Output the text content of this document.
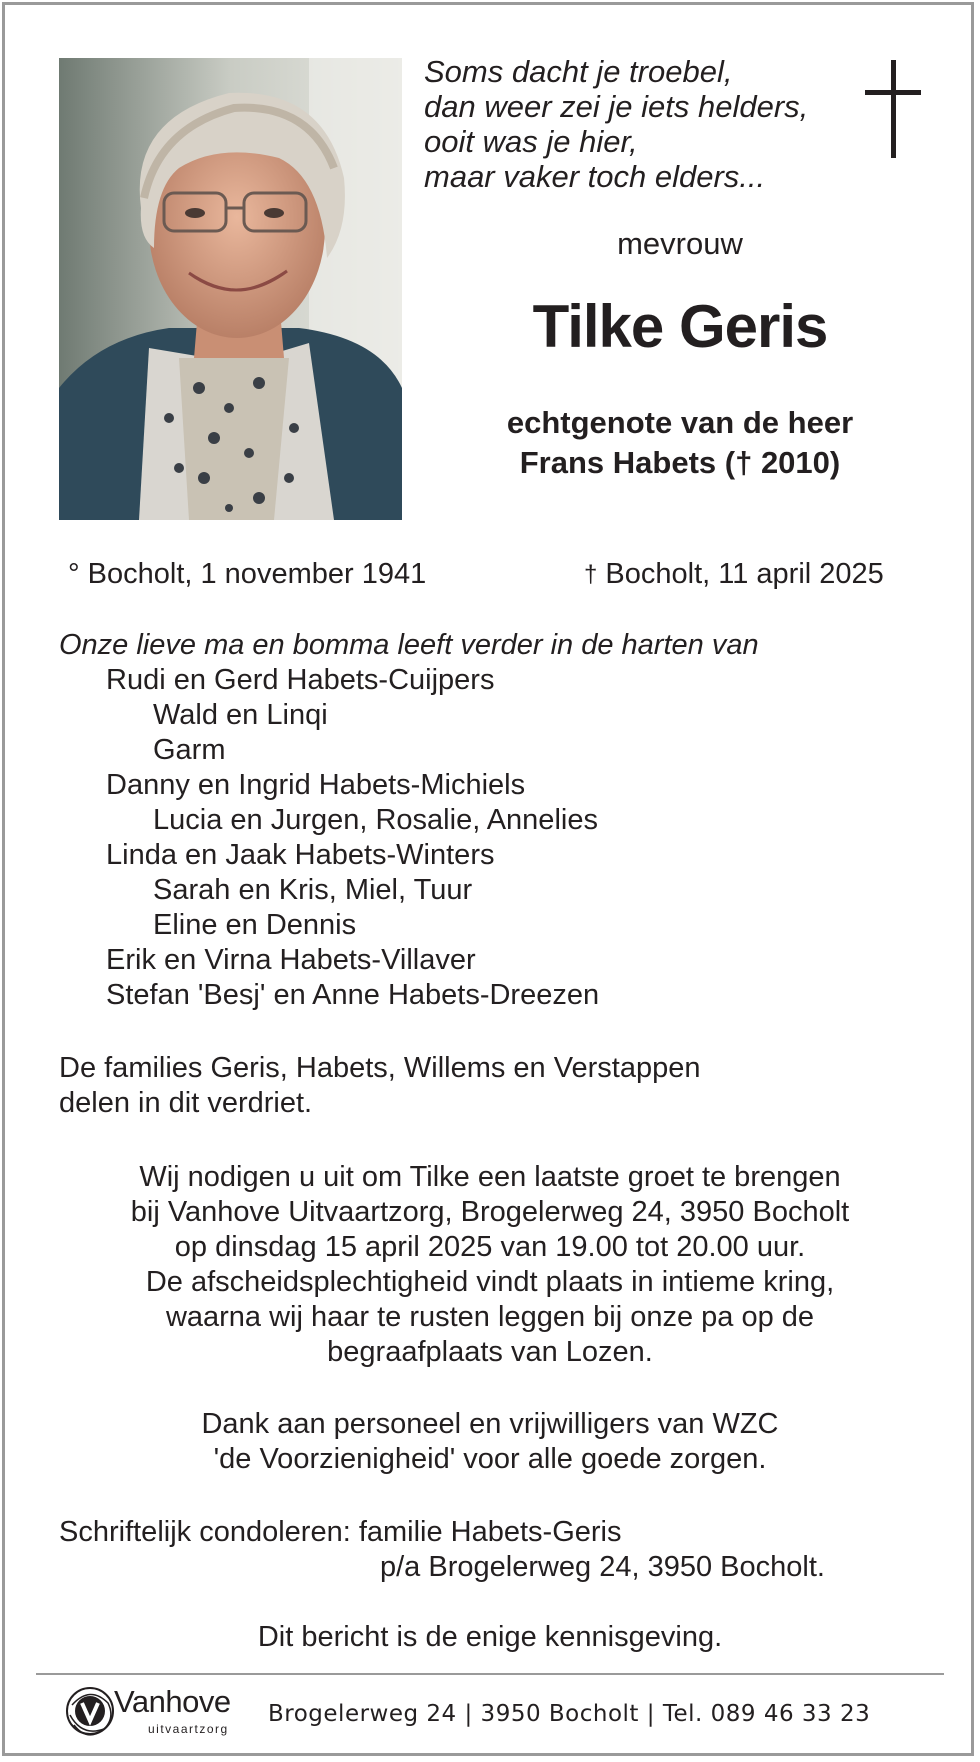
Soms dacht je troebel,
dan weer zei je iets helders,
ooit was je hier,
maar vaker toch elders...
mevrouw
Tilke Geris
echtgenote van de heer
Frans Habets († 2010)
° Bocholt, 1 november 1941	† Bocholt, 11 april 2025
Onze lieve ma en bomma leeft verder in de harten van
Rudi en Gerd Habets-Cuijpers
Wald en Linqi
Garm
Danny en Ingrid Habets-Michiels
Lucia en Jurgen, Rosalie, Annelies
Linda en Jaak Habets-Winters
Sarah en Kris, Miel, Tuur
Eline en Dennis
Erik en Virna Habets-Villaver
Stefan 'Besj' en Anne Habets-Dreezen
De families Geris, Habets, Willems en Verstappen
delen in dit verdriet.
Wij nodigen u uit om Tilke een laatste groet te brengen
bij Vanhove Uitvaartzorg, Brogelerweg 24, 3950 Bocholt
op dinsdag 15 april 2025 van 19.00 tot 20.00 uur.
De afscheidsplechtigheid vindt plaats in intieme kring,
waarna wij haar te rusten leggen bij onze pa op de
begraafplaats van Lozen.
Dank aan personeel en vrijwilligers van WZC
'de Voorzienigheid' voor alle goede zorgen.
Schriftelijk condoleren: familie Habets-Geris
p/a Brogelerweg 24, 3950 Bocholt.
Dit bericht is de enige kennisgeving.
Vanhove
uitvaartzorg
Brogelerweg 24 | 3950 Bocholt | Tel. 089 46 33 23
